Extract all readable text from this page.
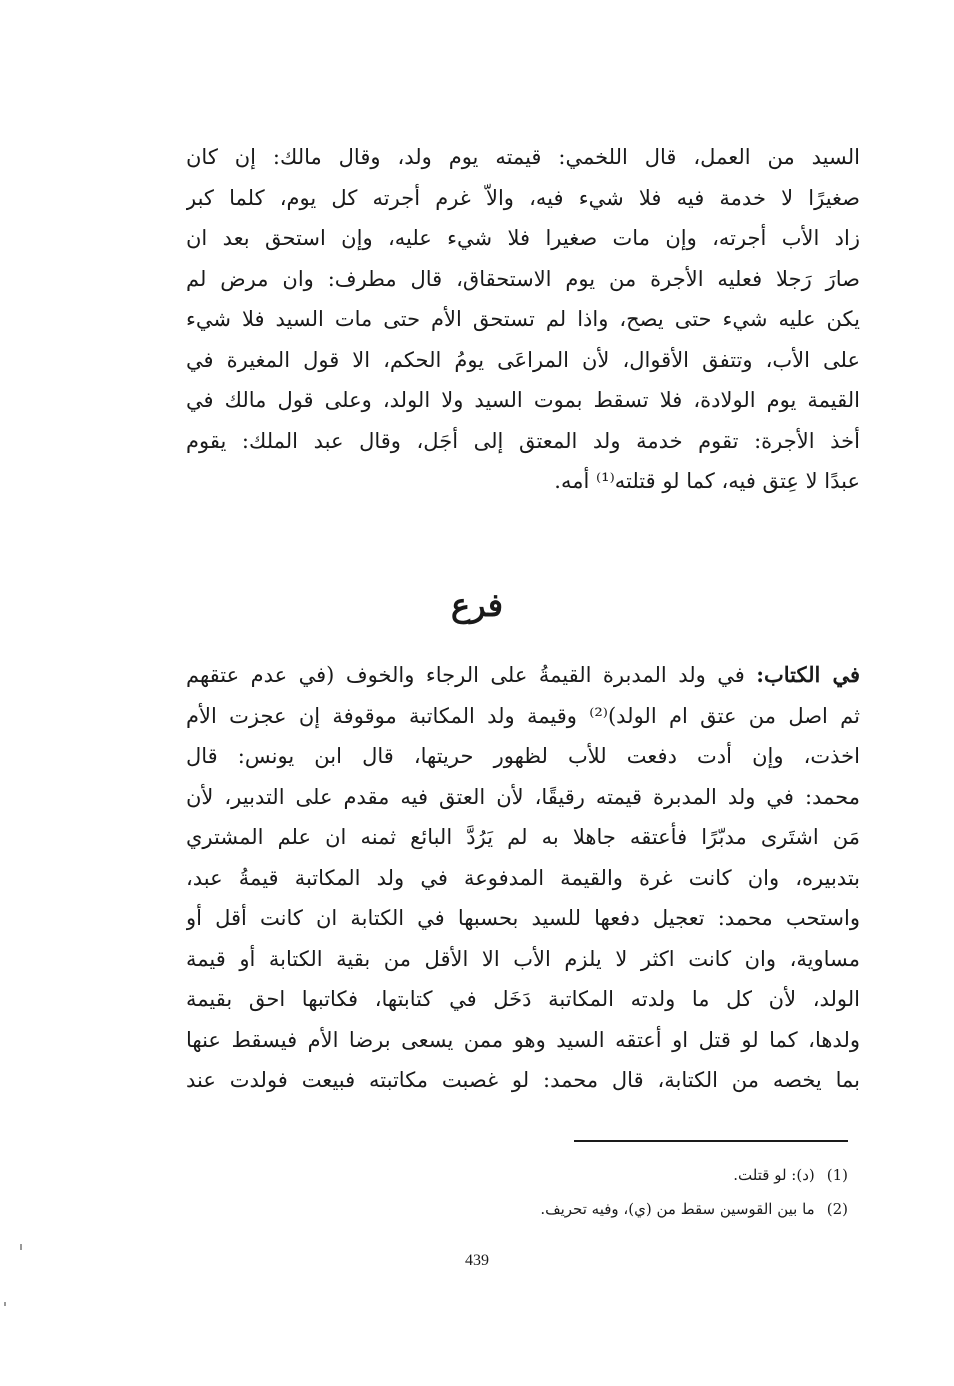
السيد من العمل، قال اللخمي: قيمته يوم ولد، وقال مالك: إن كان
صغيرًا لا خدمة فيه فلا شيء فيه، والاّ غرم أجرته كل يوم، كلما كبر
زاد الأب أجرته، وإن مات صغيرا فلا شيء عليه، وإن استحق بعد ان
صارَ رَجلا فعليه الأجرة من يوم الاستحقاق، قال مطرف: وان مرض لم
يكن عليه شيء حتى يصح، واذا لم تستحق الأم حتى مات السيد فلا شيء
على الأب، وتتفق الأقوال، لأن المراعَى يومُ الحكم، الا قول المغيرة في
القيمة يوم الولادة، فلا تسقط بموت السيد ولا الولد، وعلى قول مالك في
أخذ الأجرة: تقوم خدمة ولد المعتق إلى أجَل، وقال عبد الملك: يقوم
عبدًا لا عِتق فيه، كما لو قتلته⁽¹⁾ أمه.
فرع
في الكتاب: في ولد المدبرة القيمةُ على الرجاء والخوف (في عدم عتقهم
ثم اصل من عتق ام الولد)⁽²⁾ وقيمة ولد المكاتبة موقوفة إن عجزت الأم
اخذت، وإن أدت دفعت للأب لظهور حريتها، قال ابن يونس: قال
محمد: في ولد المدبرة قيمته رقيقًا، لأن العتق فيه مقدم على التدبير، لأن
مَن اشتَرى مدبّرًا فأعتقه جاهلا به لم يَرُدَّ البائع ثمنه ان علم المشتري
بتدبيره، وان كانت غرة والقيمة المدفوعة في ولد المكاتبة قيمةُ عبد،
واستحب محمد: تعجيل دفعها للسيد بحسبها في الكتابة ان كانت أقل أو
مساوية، وان كانت اكثر لا يلزم الأب الا الأقل من بقية الكتابة أو قيمة
الولد، لأن كل ما ولدته المكاتبة دَخَل في كتابتها، فكاتبها احق بقيمة
ولدها، كما لو قتل او أعتقه السيد وهو ممن يسعى برضا الأم فيسقط عنها
بما يخصه من الكتابة، قال محمد: لو غصبت مكاتبته فبيعت فولدت عند
(1)(د): لو قتلت.
(2)ما بين القوسين سقط من (ي)، وفيه تحريف.
439
